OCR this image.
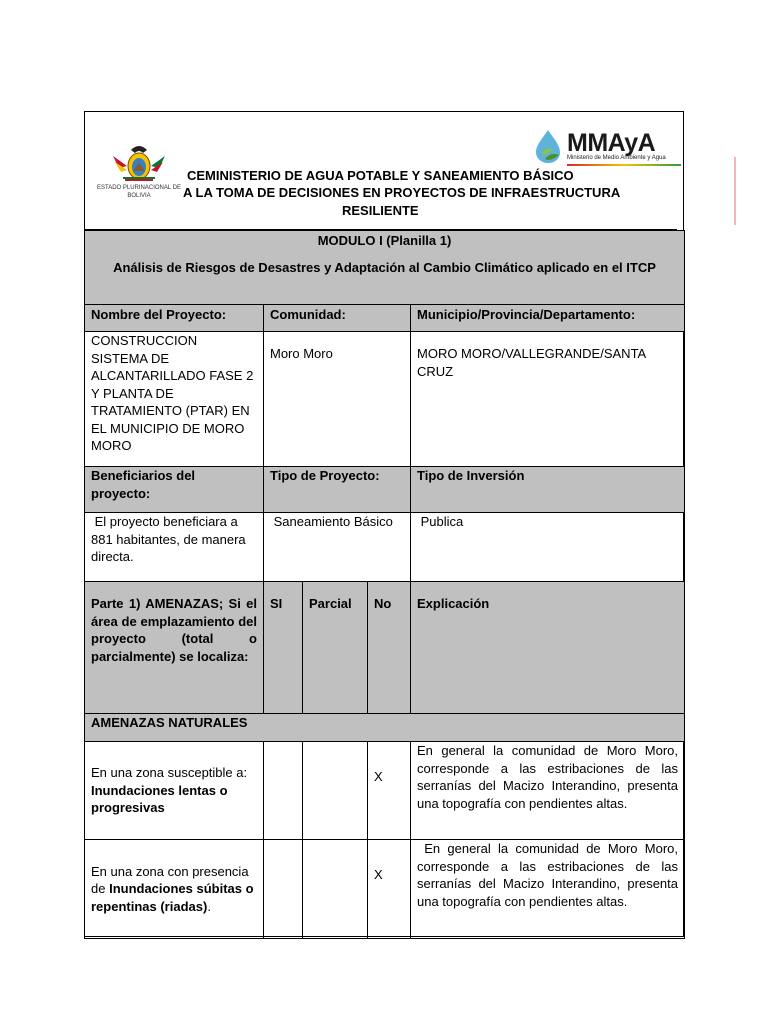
ESTADO PLURINACIONAL DE BOLIVIA
MMAyA
Ministerio de Medio Ambiente y Agua
CEMINISTERIO DE AGUA POTABLE Y SANEAMIENTO BÁSICO
A LA TOMA DE DECISIONES EN PROYECTOS DE INFRAESTRUCTURA
RESILIENTE
MODULO I (Planilla 1)
Análisis de Riesgos de Desastres y Adaptación al Cambio Climático aplicado en el ITCP				

Nombre del Proyecto:	Comunidad:			Municipio/Provincia/Departamento:
CONSTRUCCION SISTEMA DE ALCANTARILLADO FASE 2 Y PLANTA DE TRATAMIENTO (PTAR) EN EL MUNICIPIO DE MORO MORO	Moro Moro			MORO MORO/VALLEGRANDE/SANTA CRUZ
Beneficiarios del proyecto:	Tipo de Proyecto:			Tipo de Inversión
El proyecto beneficiara a 881 habitantes, de manera directa.	Saneamiento Básico			Publica
Parte 1) AMENAZAS; Si el área de emplazamiento del proyecto (total o parcialmente) se localiza:	SI	Parcial	No	Explicación
AMENAZAS NATURALES				
En una zona susceptible a: Inundaciones lentas o progresivas			X	En general la comunidad de Moro Moro, corresponde a las estribaciones de las serranías del Macizo Interandino, presenta una topografía con pendientes altas.
En una zona con presencia de Inundaciones súbitas o repentinas (riadas).			X	En general la comunidad de Moro Moro, corresponde a las estribaciones de las serranías del Macizo Interandino, presenta una topografía con pendientes altas.
